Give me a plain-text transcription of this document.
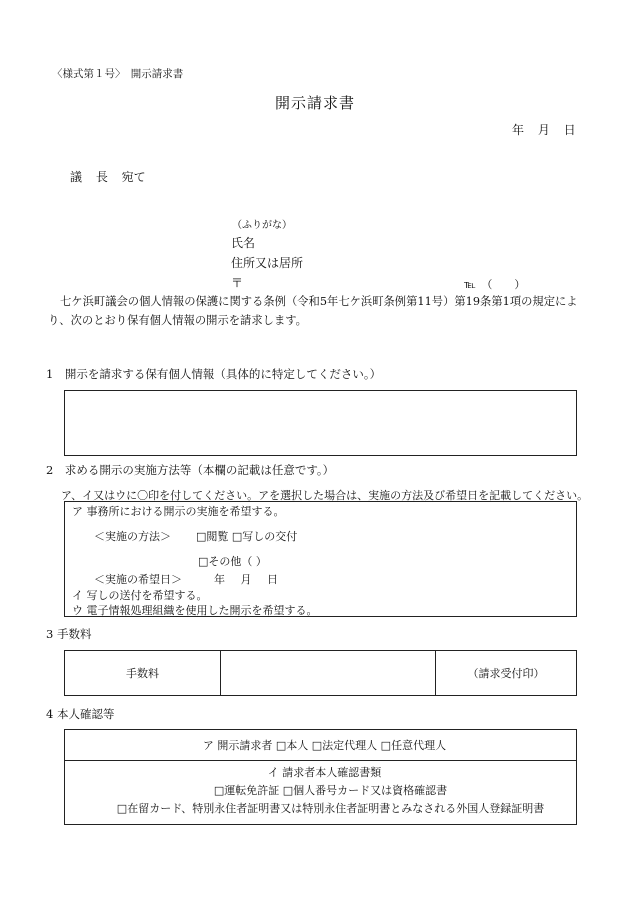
〈様式第１号〉　開示請求書
開示請求書
年 月 日
議 長 宛て
（ふりがな）
氏名
住所又は居所
〒	℡　（　　）
七ケ浜町議会の個人情報の保護に関する条例（令和5年七ケ浜町条例第11号）第19条第1項の規定により、次のとおり保有個人情報の開示を請求します。
1　開示を請求する保有個人情報（具体的に特定してください。）
2　求める開示の実施方法等（本欄の記載は任意です。）
ア、イ又はウに〇印を付してください。アを選択した場合は、実施の方法及び希望日を記載してください。
ア 事務所における開示の実施を希望する。
＜実施の方法＞ □閲覧 □写しの交付
□その他（ ）
＜実施の希望日＞	年 月 日
イ 写しの送付を希望する。
ウ 電子情報処理組織を使用した開示を希望する。
3 手数料
手数料		（請求受付印）
4 本人確認等
ア 開示請求者 □本人 □法定代理人 □任意代理人

イ 請求者本人確認書類
□運転免許証 □個人番号カード又は資格確認書
□在留カード、特別永住者証明書又は特別永住者証明書とみなされる外国人登録証明書
